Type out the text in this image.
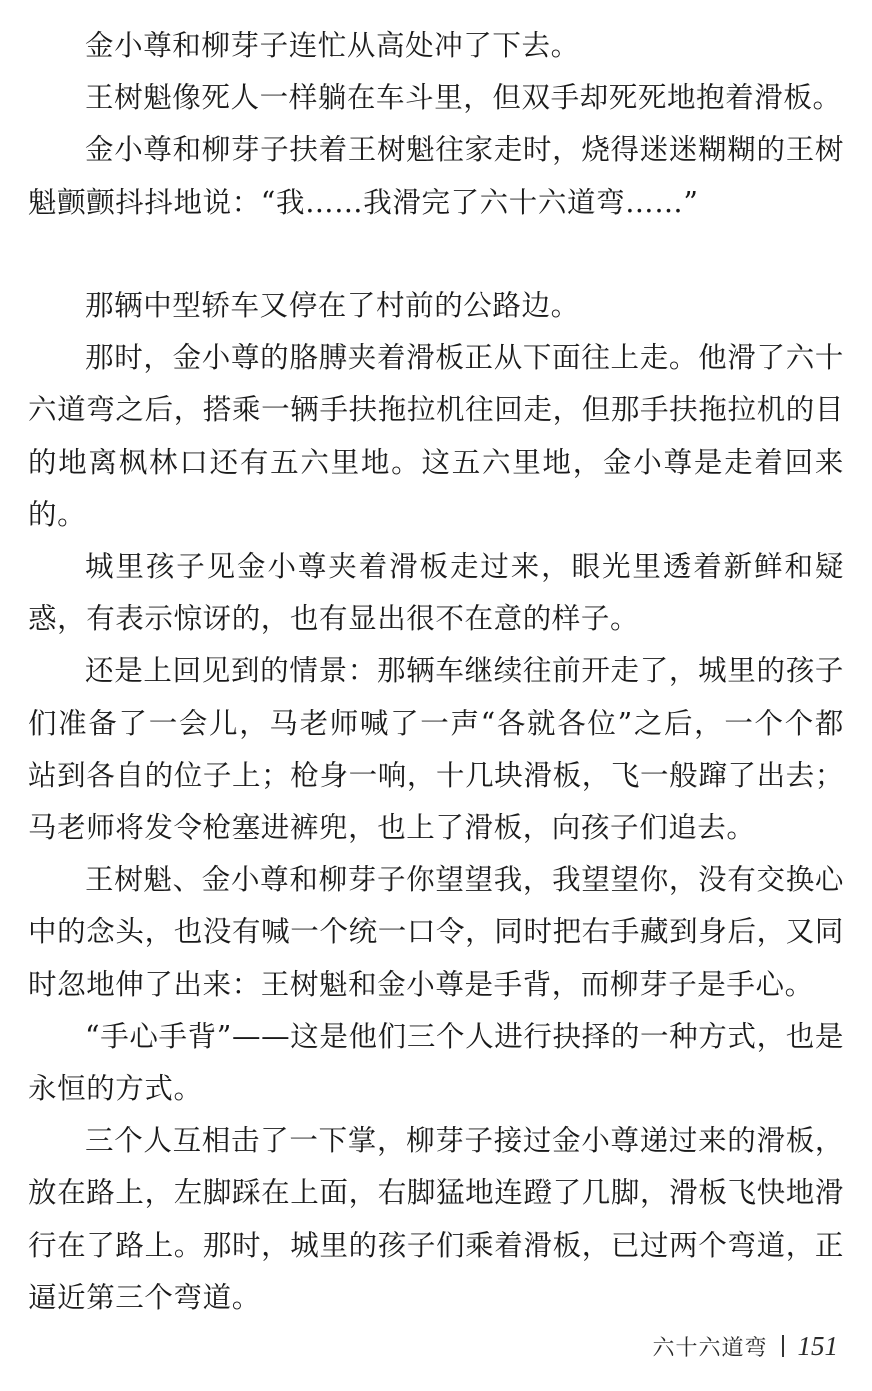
金小尊和柳芽子连忙从高处冲了下去。

王树魁像死人一样躺在车斗里，但双手却死死地抱着滑板。

金小尊和柳芽子扶着王树魁往家走时，烧得迷迷糊糊的王树魁颤颤抖抖地说：“我……我滑完了六十六道弯……”

那辆中型轿车又停在了村前的公路边。

那时，金小尊的胳膊夹着滑板正从下面往上走。他滑了六十六道弯之后，搭乘一辆手扶拖拉机往回走，但那手扶拖拉机的目的地离枫林口还有五六里地。这五六里地，金小尊是走着回来的。

城里孩子见金小尊夹着滑板走过来，眼光里透着新鲜和疑惑，有表示惊讶的，也有显出很不在意的样子。

还是上回见到的情景：那辆车继续往前开走了，城里的孩子们准备了一会儿，马老师喊了一声“各就各位”之后，一个个都站到各自的位子上；枪身一响，十几块滑板，飞一般蹿了出去；马老师将发令枪塞进裤兜，也上了滑板，向孩子们追去。

王树魁、金小尊和柳芽子你望望我，我望望你，没有交换心中的念头，也没有喊一个统一口令，同时把右手藏到身后，又同时忽地伸了出来：王树魁和金小尊是手背，而柳芽子是手心。

“手心手背”——这是他们三个人进行抉择的一种方式，也是永恒的方式。

三个人互相击了一下掌，柳芽子接过金小尊递过来的滑板，放在路上，左脚踩在上面，右脚猛地连蹬了几脚，滑板飞快地滑行在了路上。那时，城里的孩子们乘着滑板，已过两个弯道，正逼近第三个弯道。

六十六道弯 151
